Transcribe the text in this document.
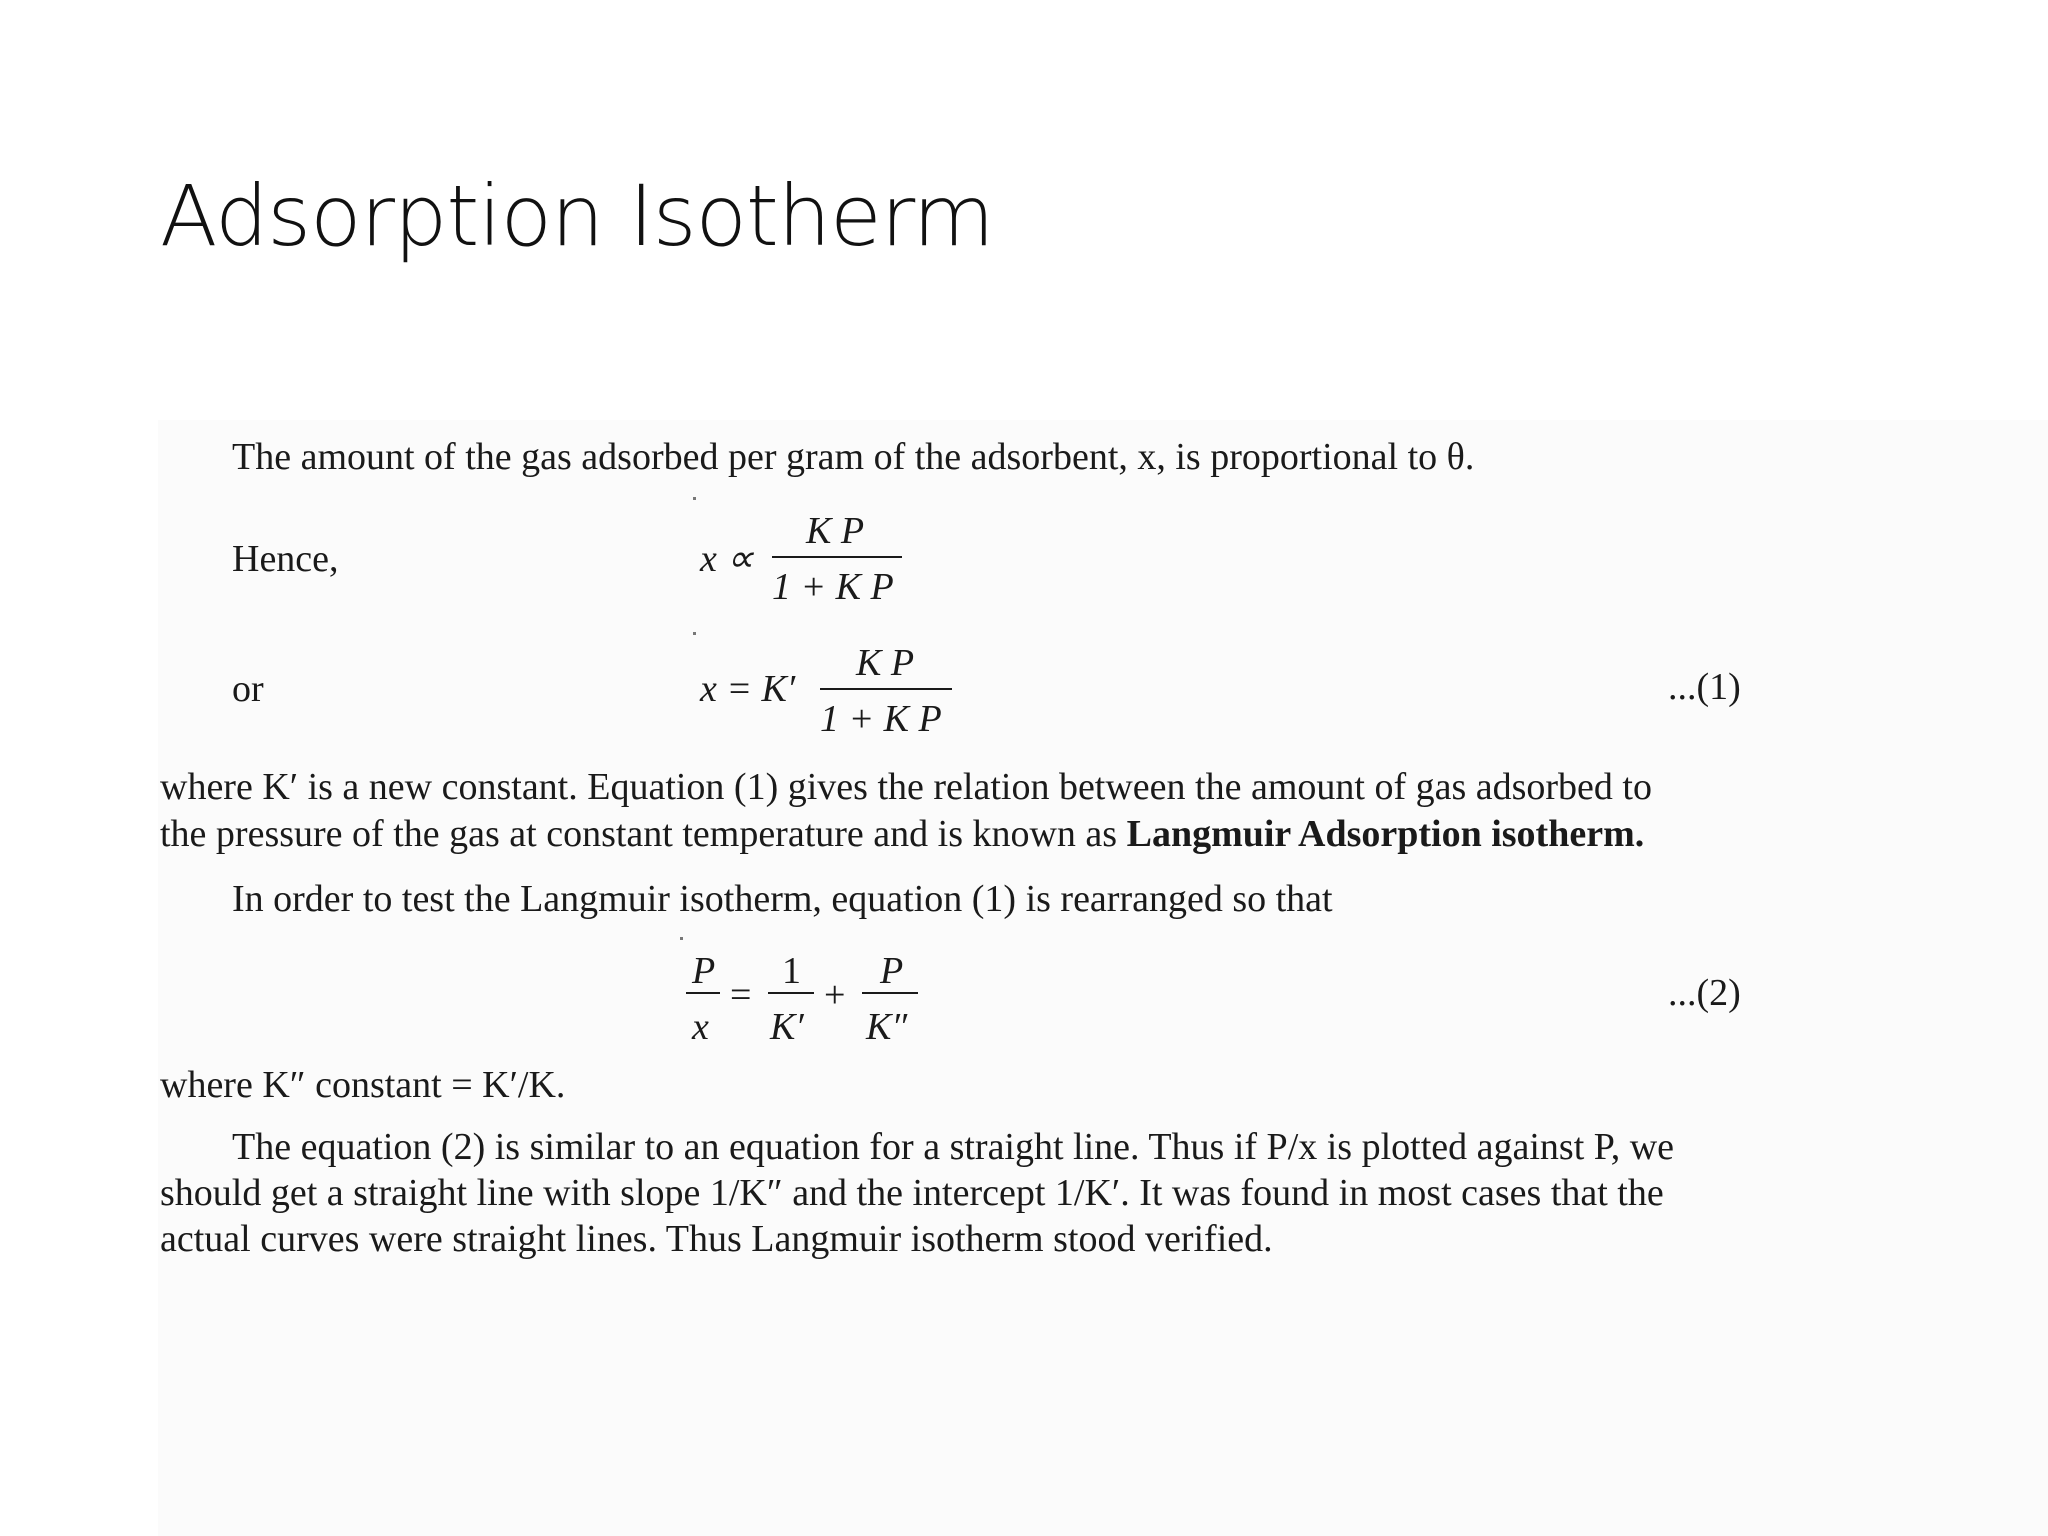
Adsorption Isotherm
The amount of the gas adsorbed per gram of the adsorbent, x, is proportional to θ.
Hence,	x ∝
K P
1 + K P
or	x = K′
K P
1 + K P
...(1)
where K′ is a new constant. Equation (1) gives the relation between the amount of gas adsorbed to
the pressure of the gas at constant temperature and is known as Langmuir Adsorption isotherm.
In order to test the Langmuir isotherm, equation (1) is rearranged so that
P
x
=
1
K′
+
P
K″
...(2)
where K″ constant = K′/K.
The equation (2) is similar to an equation for a straight line. Thus if P/x is plotted against P, we
should get a straight line with slope 1/K″ and the intercept 1/K′. It was found in most cases that the
actual curves were straight lines. Thus Langmuir isotherm stood verified.
